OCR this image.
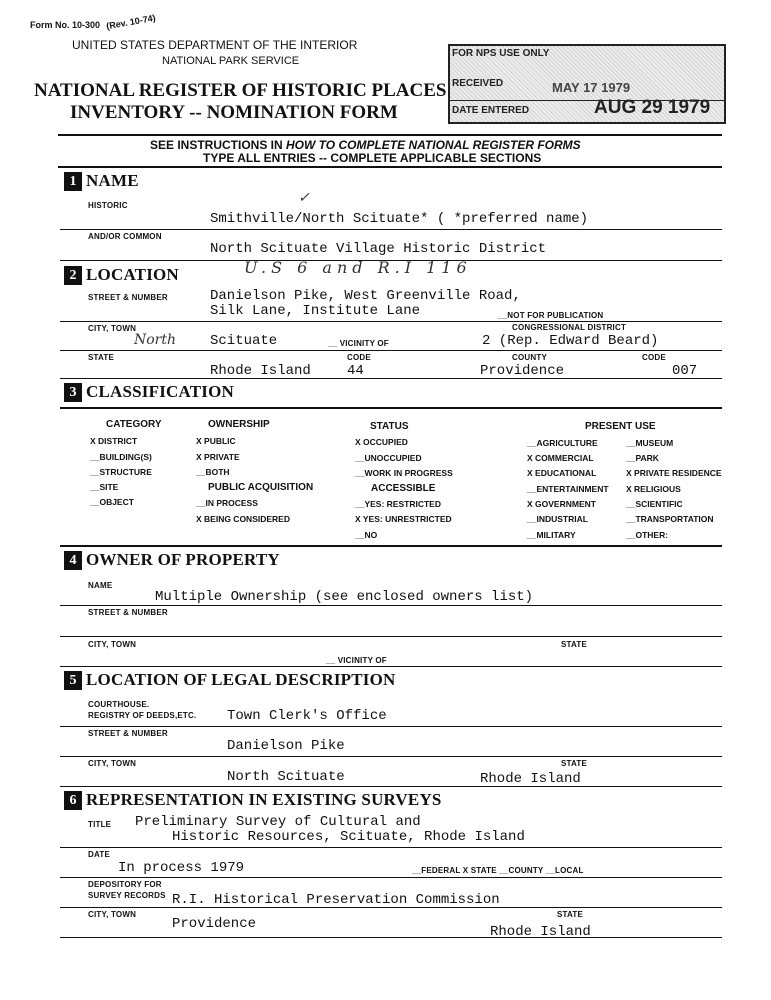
Form No. 10-300 (Rev. 10-74)
UNITED STATES DEPARTMENT OF THE INTERIOR
NATIONAL PARK SERVICE
NATIONAL REGISTER OF HISTORIC PLACES
INVENTORY -- NOMINATION FORM
FOR NPS USE ONLY
RECEIVED	MAY 17 1979
DATE ENTERED	AUG 29 1979
SEE INSTRUCTIONS IN HOW TO COMPLETE NATIONAL REGISTER FORMS
TYPE ALL ENTRIES -- COMPLETE APPLICABLE SECTIONS
1 NAME
HISTORIC
Smithville/North Scituate* ( *preferred name)
✓
AND/OR COMMON
North Scituate Village Historic District
2 LOCATION	U.S 6 and R.I 116
STREET & NUMBER	Danielson Pike, West Greenville Road,
Silk Lane, Institute Lane	__NOT FOR PUBLICATION
CITY, TOWN	CONGRESSIONAL DISTRICT
North Scituate	__ VICINITY OF	2 (Rep. Edward Beard)
STATE	CODE	COUNTY	CODE
Rhode Island	44	Providence	007
3 CLASSIFICATION
CATEGORY
X DISTRICT
__BUILDING(S)
__STRUCTURE
__SITE
__OBJECT
OWNERSHIP
X PUBLIC
X PRIVATE
__BOTH
PUBLIC ACQUISITION
__IN PROCESS
X BEING CONSIDERED
STATUS
X OCCUPIED
__UNOCCUPIED
__WORK IN PROGRESS
ACCESSIBLE
__YES: RESTRICTED
X YES: UNRESTRICTED
__NO
PRESENT USE
__AGRICULTURE
X COMMERCIAL
X EDUCATIONAL
__ENTERTAINMENT
X GOVERNMENT
__INDUSTRIAL
__MILITARY
__MUSEUM
__PARK
X PRIVATE RESIDENCE
X RELIGIOUS
__SCIENTIFIC
__TRANSPORTATION
__OTHER:
4 OWNER OF PROPERTY
NAME
Multiple Ownership (see enclosed owners list)
STREET & NUMBER
CITY, TOWN	STATE
__ VICINITY OF
5 LOCATION OF LEGAL DESCRIPTION
COURTHOUSE.
REGISTRY OF DEEDS,ETC. Town Clerk's Office
STREET & NUMBER
Danielson Pike
CITY, TOWN	STATE
North Scituate	Rhode Island
6 REPRESENTATION IN EXISTING SURVEYS
TITLE Preliminary Survey of Cultural and
Historic Resources, Scituate, Rhode Island
DATE
In process 1979	__FEDERAL X STATE __COUNTY __LOCAL
DEPOSITORY FOR
SURVEY RECORDS R.I. Historical Preservation Commission
CITY, TOWN	STATE
Providence	Rhode Island
